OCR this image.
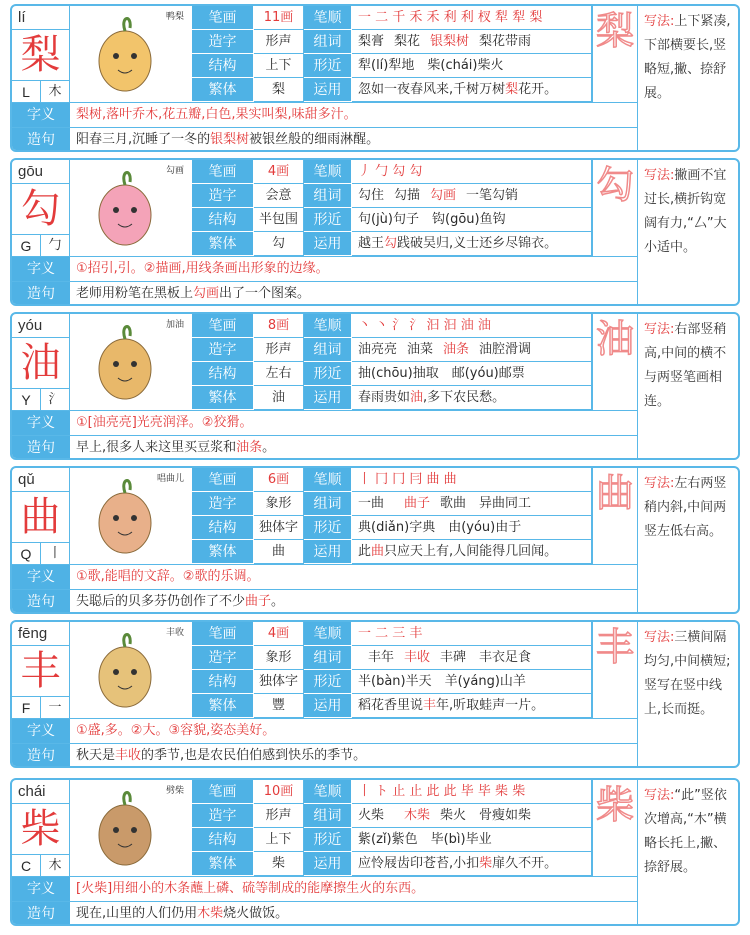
lí
梨
L	木
鸭梨	笔画	11画	笔顺	一 二 千 禾 禾 利 利 杈 犁 犁 梨
造字	形声	组词	梨膏 梨花 银梨树 梨花带雨
结构	上下	形近	犁(lí)犁地　柴(chái)柴火
繁体	梨	运用	忽如一夜春风来,千树万树梨花开。
梨 写法:上下紧凑,下部横要长,竖略短,撇、捺舒展。
字义	梨树,落叶乔木,花五瓣,白色,果实叫梨,味甜多汁。
造句	阳春三月,沉睡了一冬的银梨树被银丝般的细雨淋醒。
gōu
勾
G	勹
勾画	笔画	4画	笔顺	丿 勹 勾 勾
造字	会意	组词	勾住 勾描 勾画 一笔勾销
结构	半包围	形近	句(jù)句子　钩(gōu)鱼钩
繁体	勾	运用	越王勾践破吴归,义士还乡尽锦衣。
勾 写法:撇画不宜过长,横折钩宽阔有力,“厶”大小适中。
字义	①招引,引。②描画,用线条画出形象的边缘。
造句	老师用粉笔在黑板上勾画出了一个图案。
yóu
油
Y	氵
加油	笔画	8画	笔顺	丶 丶 氵 氵 汩 汩 油 油
造字	形声	组词	油亮亮 油菜 油条 油腔滑调
结构	左右	形近	抽(chōu)抽取　邮(yóu)邮票
繁体	油	运用	春雨贵如油,多下农民愁。
油 写法:右部竖稍高,中间的横不与两竖笔画相连。
字义	①[油亮亮]光亮润泽。②狡猾。
造句	早上,很多人来这里买豆浆和油条。
qǔ
曲
Q	丨
唱曲儿	笔画	6画	笔顺	丨 冂 冂 冃 曲 曲
造字	象形	组词	一曲 曲子 歌曲　异曲同工
结构	独体字	形近	典(diǎn)字典　由(yóu)由于
繁体	曲	运用	此曲只应天上有,人间能得几回闻。
曲 写法:左右两竖稍内斜,中间两竖左低右高。
字义	①歌,能唱的文辞。②歌的乐调。
造句	失聪后的贝多芬仍创作了不少曲子。
fēng
丰
F	一
丰收	笔画	4画	笔顺	一 二 三 丰
造字	象形	组词	丰年 丰收 丰碑　丰衣足食
结构	独体字	形近	半(bàn)半天　羊(yáng)山羊
繁体	豐	运用	稻花香里说丰年,听取蛙声一片。
丰 写法:三横间隔均匀,中间横短;竖写在竖中线上,长而挺。
字义	①盛,多。②大。③容貌,姿态美好。
造句	秋天是丰收的季节,也是农民伯伯感到快乐的季节。
chái
柴
C	木
劈柴	笔画	10画	笔顺	丨 ト 止 止 此 此 毕 毕 柴 柴
造字	形声	组词	火柴 木柴 柴火　骨瘦如柴
结构	上下	形近	紫(zǐ)紫色　毕(bì)毕业
繁体	柴	运用	应怜屐齿印苍苔,小扣柴扉久不开。
柴 写法:“此”竖依次增高,“木”横略长托上,撇、捺舒展。
字义	[火柴]用细小的木条蘸上磷、硫等制成的能摩擦生火的东西。
造句	现在,山里的人们仍用木柴烧火做饭。
